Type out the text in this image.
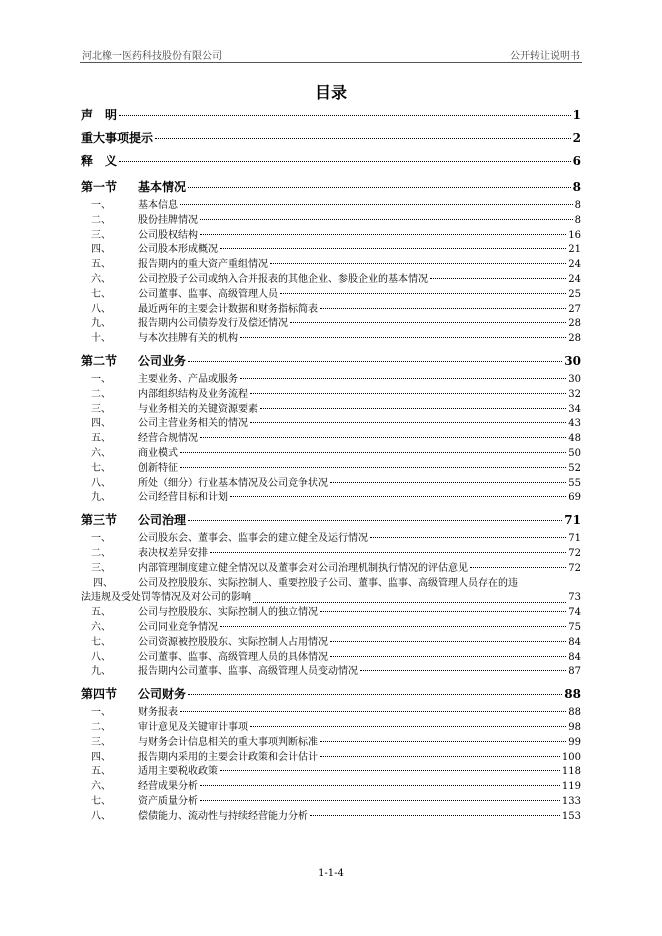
河北橡一医药科技股份有限公司	公开转让说明书
目录
声　明	1
重大事项提示	2
释　义	6
第一节	基本情况	8
一、	基本信息	8
二、	股份挂牌情况	8
三、	公司股权结构	16
四、	公司股本形成概况	21
五、	报告期内的重大资产重组情况	24
六、	公司控股子公司或纳入合并报表的其他企业、参股企业的基本情况	24
七、	公司董事、监事、高级管理人员	25
八、	最近两年的主要会计数据和财务指标简表	27
九、	报告期内公司债券发行及偿还情况	28
十、	与本次挂牌有关的机构	28
第二节	公司业务	30
一、	主要业务、产品或服务	30
二、	内部组织结构及业务流程	32
三、	与业务相关的关键资源要素	34
四、	公司主营业务相关的情况	43
五、	经营合规情况	48
六、	商业模式	50
七、	创新特征	52
八、	所处（细分）行业基本情况及公司竞争状况	55
九、	公司经营目标和计划	69
第三节	公司治理	71
一、	公司股东会、董事会、监事会的建立健全及运行情况	71
二、	表决权差异安排	72
三、	内部管理制度建立健全情况以及董事会对公司治理机制执行情况的评估意见	72
四、	公司及控股股东、实际控制人、重要控股子公司、董事、监事、高级管理人员存在的违
法违规及受处罚等情况及对公司的影响	73
五、	公司与控股股东、实际控制人的独立情况	74
六、	公司同业竞争情况	75
七、	公司资源被控股股东、实际控制人占用情况	84
八、	公司董事、监事、高级管理人员的具体情况	84
九、	报告期内公司董事、监事、高级管理人员变动情况	87
第四节	公司财务	88
一、	财务报表	88
二、	审计意见及关键审计事项	98
三、	与财务会计信息相关的重大事项判断标准	99
四、	报告期内采用的主要会计政策和会计估计	100
五、	适用主要税收政策	118
六、	经营成果分析	119
七、	资产质量分析	133
八、	偿债能力、流动性与持续经营能力分析	153
1-1-4
